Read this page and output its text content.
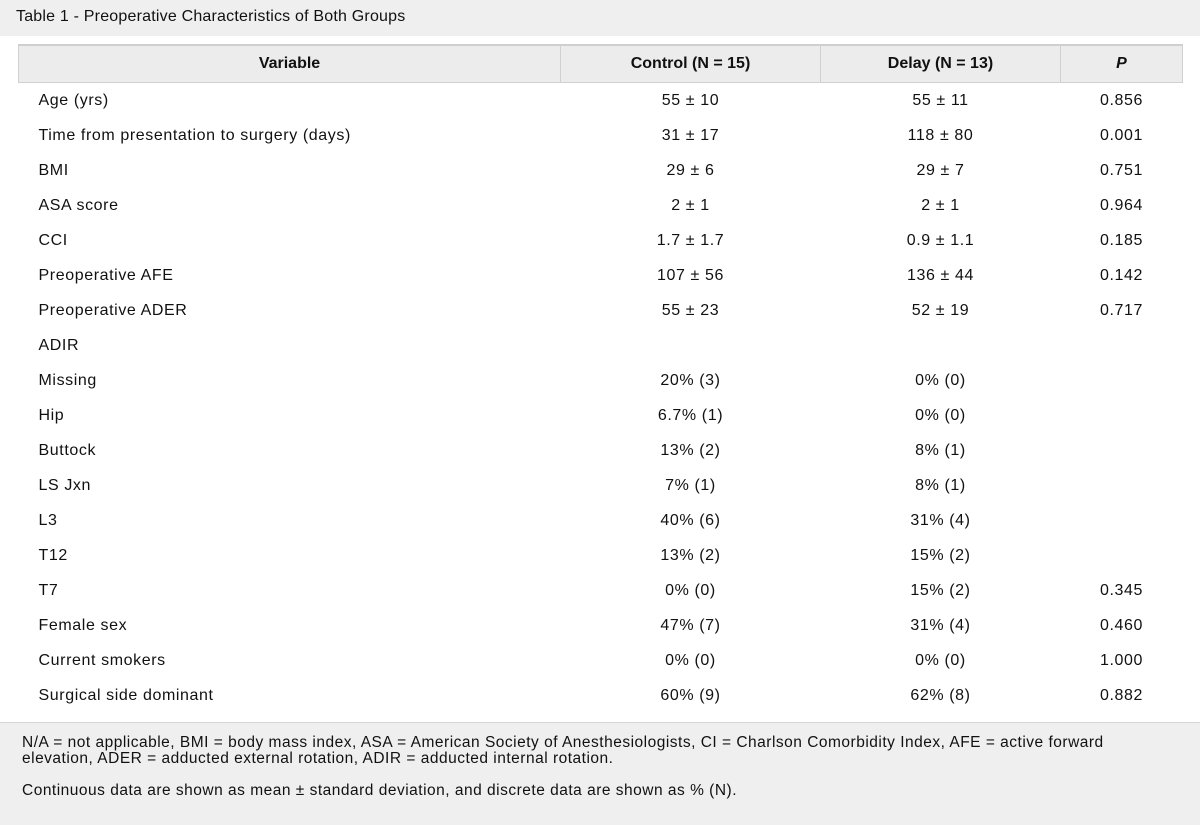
Table 1 - Preoperative Characteristics of Both Groups
Variable	Control (N = 15)	Delay (N = 13)	P
Age (yrs)	55 ± 10	55 ± 11	0.856
Time from presentation to surgery (days)	31 ± 17	118 ± 80	0.001
BMI	29 ± 6	29 ± 7	0.751
ASA score	2 ± 1	2 ± 1	0.964
CCI	1.7 ± 1.7	0.9 ± 1.1	0.185
Preoperative AFE	107 ± 56	136 ± 44	0.142
Preoperative ADER	55 ± 23	52 ± 19	0.717
ADIR			
Missing	20% (3)	0% (0)	
Hip	6.7% (1)	0% (0)	
Buttock	13% (2)	8% (1)	
LS Jxn	7% (1)	8% (1)	
L3	40% (6)	31% (4)	
T12	13% (2)	15% (2)	
T7	0% (0)	15% (2)	0.345
Female sex	47% (7)	31% (4)	0.460
Current smokers	0% (0)	0% (0)	1.000
Surgical side dominant	60% (9)	62% (8)	0.882

N/A = not applicable, BMI = body mass index, ASA = American Society of Anesthesiologists, CI = Charlson Comorbidity Index, AFE = active forward elevation, ADER = adducted external rotation, ADIR = adducted internal rotation.

Continuous data are shown as mean ± standard deviation, and discrete data are shown as % (N).
